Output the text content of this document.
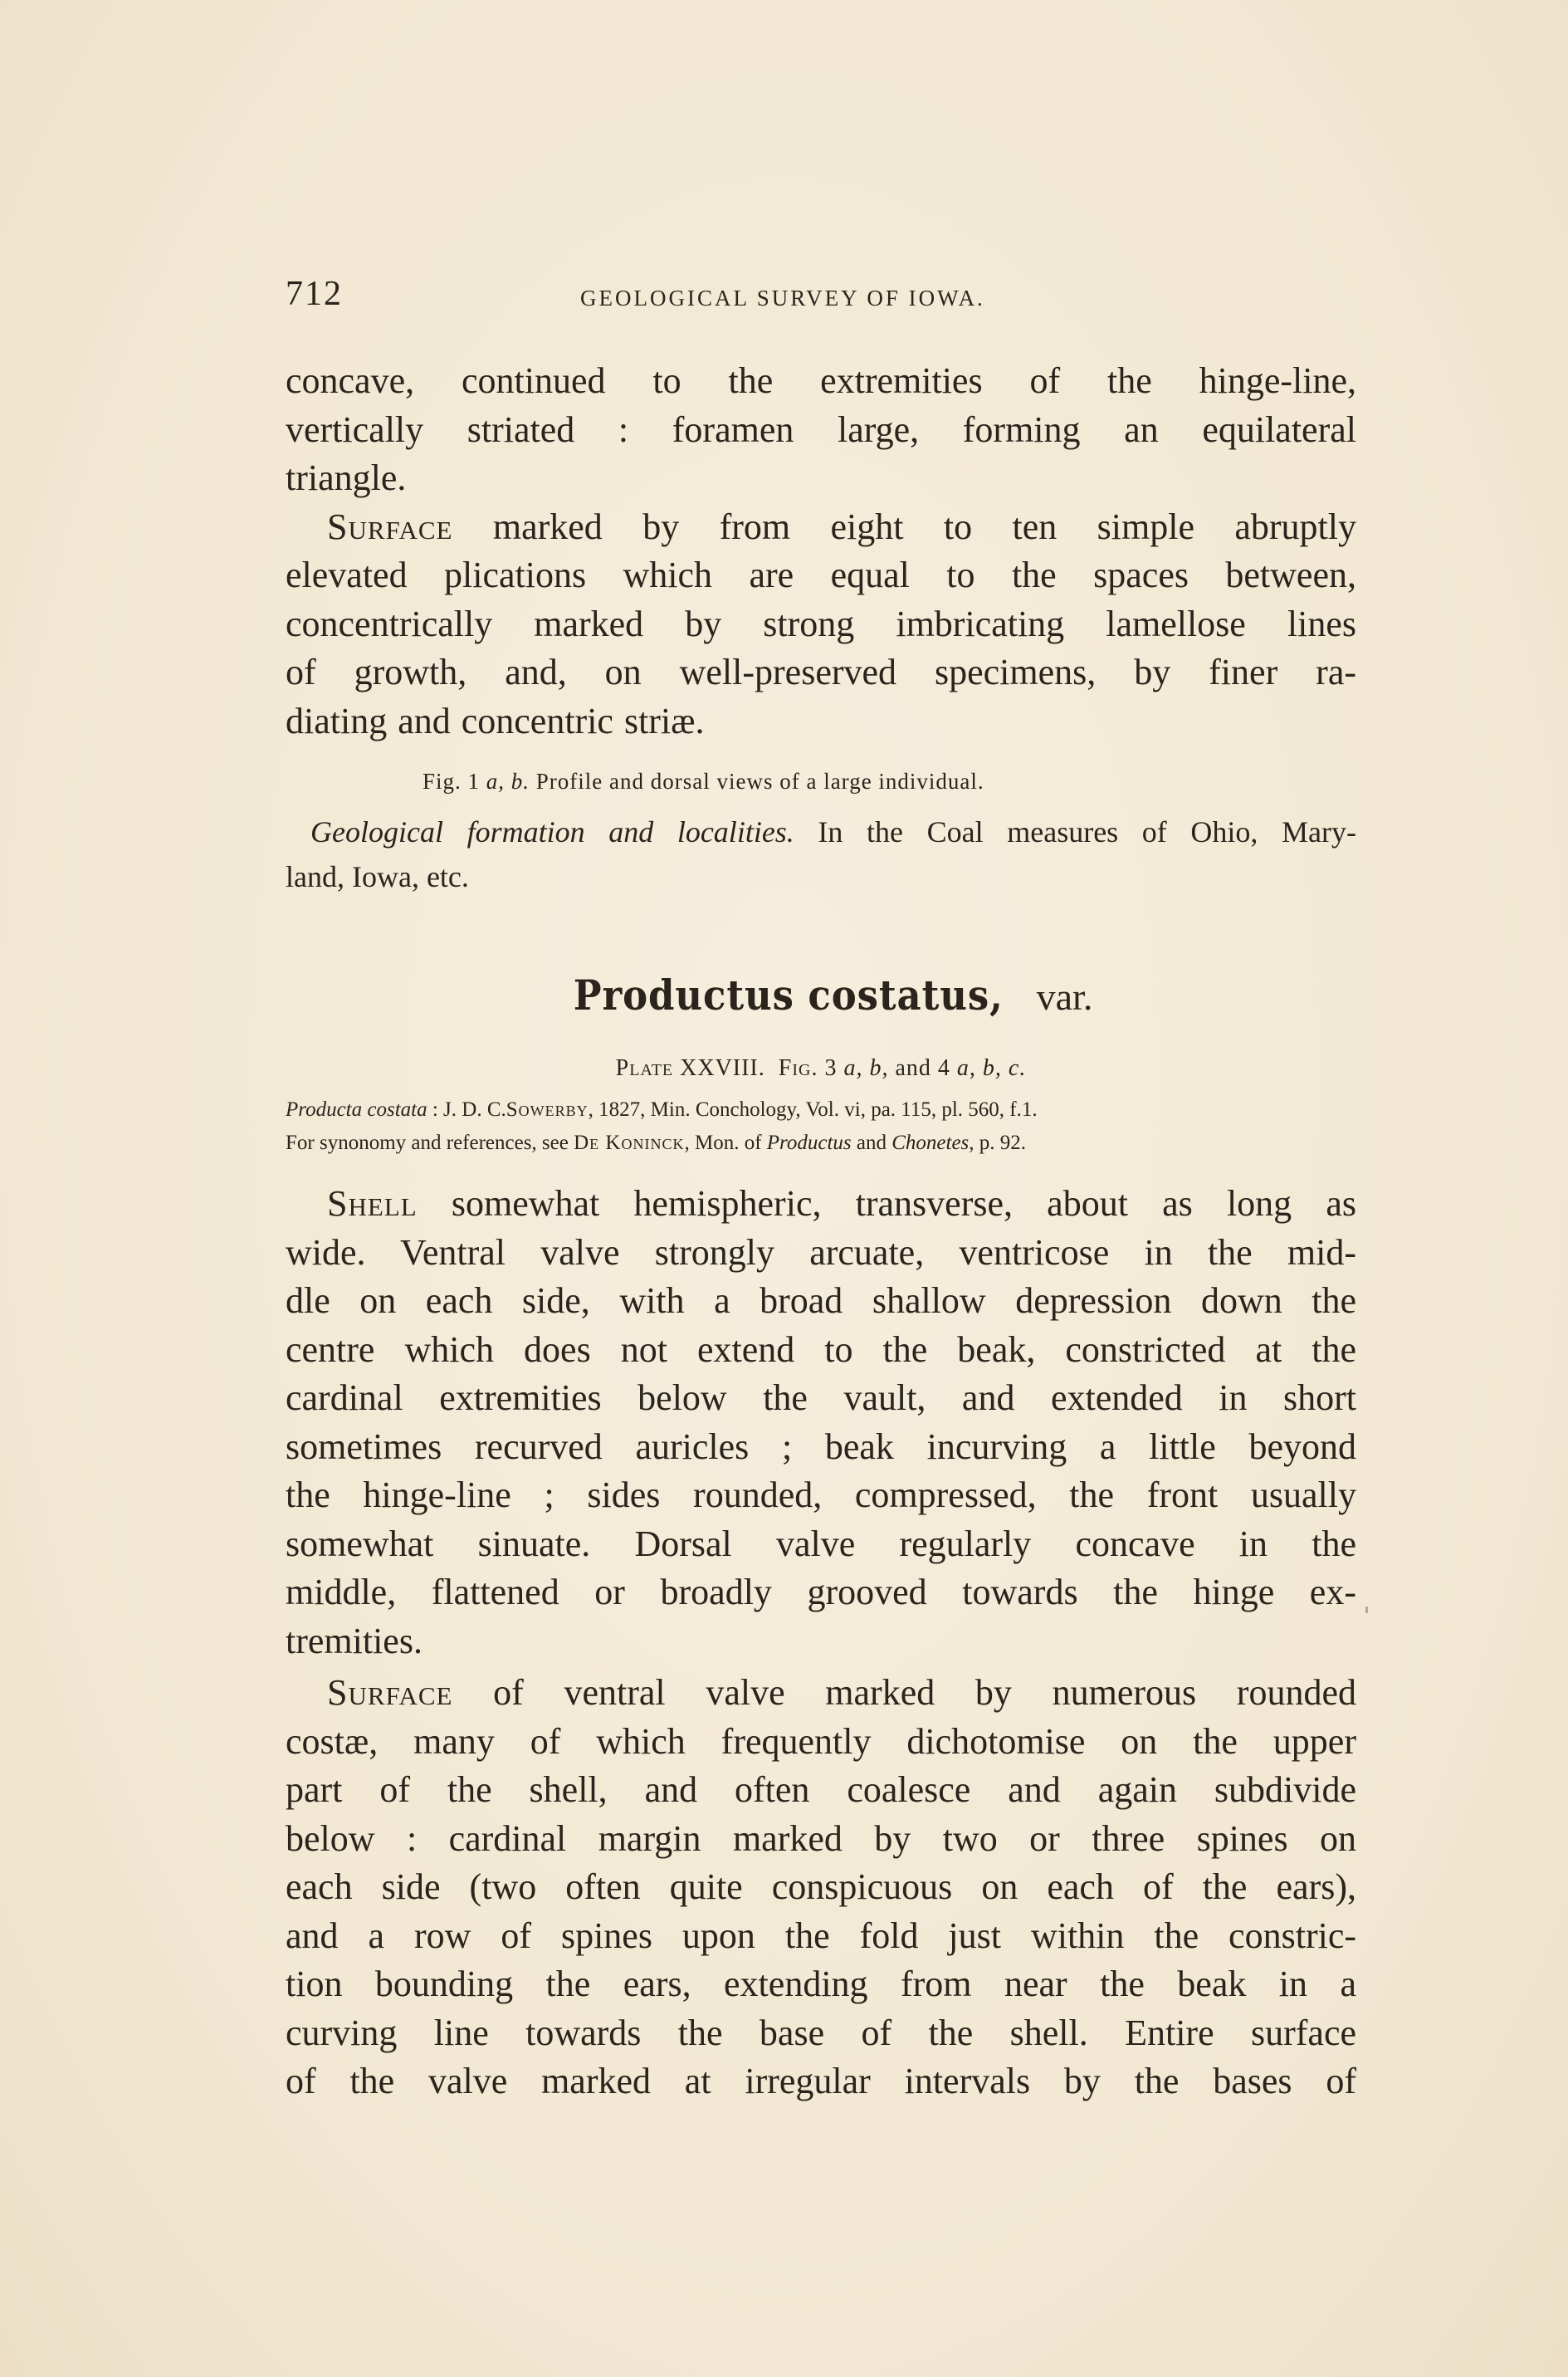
712	GEOLOGICAL SURVEY OF IOWA.
concave, continued to the extremities of the hinge-line,
vertically striated : foramen large, forming an equilateral
triangle.
Surface marked by from eight to ten simple abruptly
elevated plications which are equal to the spaces between,
concentrically marked by strong imbricating lamellose lines
of growth, and, on well-preserved specimens, by finer ra-
diating and concentric striæ.
Fig. 1 a, b. Profile and dorsal views of a large individual.
Geological formation and localities. In the Coal measures of Ohio, Mary-
land, Iowa, etc.
Productus costatus, var.
Plate XXVIII. Fig. 3 a, b, and 4 a, b, c.
Producta costata : J. D. C.Sowerby, 1827, Min. Conchology, Vol. vi, pa. 115, pl. 560, f.1.
For synonomy and references, see De Koninck, Mon. of Productus and Chonetes, p. 92.
Shell somewhat hemispheric, transverse, about as long as
wide. Ventral valve strongly arcuate, ventricose in the mid-
dle on each side, with a broad shallow depression down the
centre which does not extend to the beak, constricted at the
cardinal extremities below the vault, and extended in short
sometimes recurved auricles ; beak incurving a little beyond
the hinge-line ; sides rounded, compressed, the front usually
somewhat sinuate. Dorsal valve regularly concave in the
middle, flattened or broadly grooved towards the hinge ex-
tremities.
Surface of ventral valve marked by numerous rounded
costæ, many of which frequently dichotomise on the upper
part of the shell, and often coalesce and again subdivide
below : cardinal margin marked by two or three spines on
each side (two often quite conspicuous on each of the ears),
and a row of spines upon the fold just within the constric-
tion bounding the ears, extending from near the beak in a
curving line towards the base of the shell. Entire surface
of the valve marked at irregular intervals by the bases of
